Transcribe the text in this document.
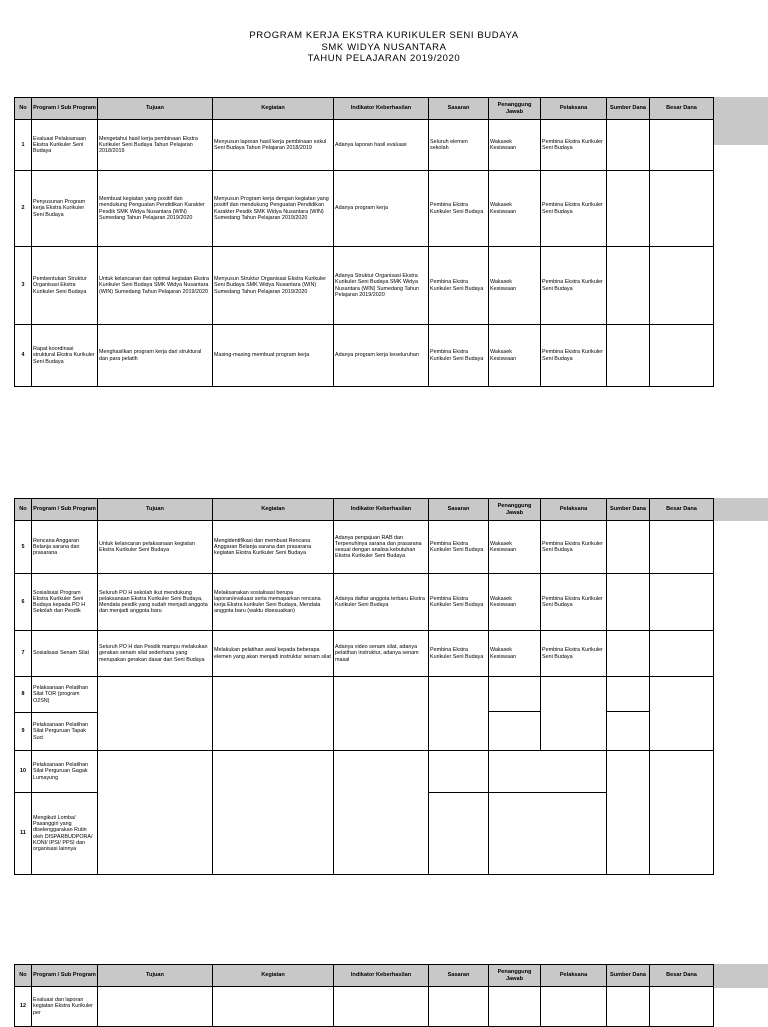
PROGRAM KERJA EKSTRA KURIKULER SENI BUDAYA
SMK WIDYA NUSANTARA
TAHUN PELAJARAN 2019/2020
No	Program / Sub Program	Tujuan	Kegiatan	Indikator Keberhasilan	Sasaran	Penanggung Jawab	Pelaksana	Sumber Dana	Besar Dana
1	Evaluasi Pelaksanaan Ekstra Kurikuler Seni Budaya	Mengetahui hasil kerja pembinaan Ekstra Kurikuler Seni Budaya Tahun Pelajaran 2018/2019	Menyusun laporan hasil kerja pembinaan eskul Seni Budaya Tahun Pelajaran 2018/2019	Adanya laporan hasil evaluasi	Seluruh elemen sekolah	Wakasek Kesiswaan	Pembina Ekstra Kurikuler Seni Budaya		
2	Penyusunan Program kerja Ekstra Kurikuler Seni Budaya	Membuat kegiatan yang positif dan mendukung Penguatan Pendidikan Karakter Pesdik SMK Widya Nusantara (WIN) Sumedang Tahun Pelajaran 2019/2020	Menyusun Program kerja dengan kegiatan yang positif dan mendukung Penguatan Pendidikan Karakter Pesdik SMK Widya Nusantara (WIN) Sumedang Tahun Pelajaran 2019/2020	Adanya program kerja	Pembina Ekstra Kurikuler Seni Budaya	Wakasek Kesiswaan	Pembina Ekstra Kurikuler Seni Budaya		
3	Pembentukan Struktur Organisasi Ekstra Kurikuler Seni Budaya	Untuk kelancaran dan optimal kegiatan Ekstra Kurikuler Seni Budaya SMK Widya Nusantara (WIN) Sumedang Tahun Pelajaran 2019/2020	Menyusun Struktur Organisasi Ekstra Kurikuler Seni Budaya SMK Widya Nusantara (WIN) Sumedang Tahun Pelajaran 2019/2020	Adanya Struktur Organisasi Ekstra Kurikuler Seni Budaya SMK Widya Nusantara (WIN) Sumedang Tahun Pelajaran 2019/2020	Pembina Ekstra Kurikuler Seni Budaya	Wakasek Kesiswaan	Pembina Ekstra Kurikuler Seni Budaya		
4	Rapat koordinasi struktural Ekstra Kurikuler Seni Budaya	Menghasilkan program kerja dari struktural dan para pelatih	Masing-masing membuat program kerja	Adanya program kerja keseluruhan	Pembina Ekstra Kurikuler Seni Budaya	Wakasek Kesiswaan	Pembina Ekstra Kurikuler Seni Budaya		
No	Program / Sub Program	Tujuan	Kegiatan	Indikator Keberhasilan	Sasaran	Penanggung Jawab	Pelaksana	Sumber Dana	Besar Dana
5	Rencana Anggaran Belanja sarana dan prasarana	Untuk kelancaran pelaksanaan kegiatan Ekstra Kurikuler Seni Budaya	Mengidentifikasi dan membuat Rencana Anggaran Belanja sarana dan prasarana kegiatan Ekstra Kurikuler Seni Budaya	Adanya pengajuan RAB dan Terpenuhinya sarana dan prasarana sesuai dengan analisa kebutuhan Ekstra Kurikuler Seni Budaya	Pembina Ekstra Kurikuler Seni Budaya	Wakasek Kesiswaan	Pembina Ekstra Kurikuler Seni Budaya		
6	Sosialisasi Program Ekstra Kurikuler Seni Budaya kepada PO H Sekolah dan Pesdik	Seluruh PO H sekolah ikut mendukung pelaksanaan Ekstra Kurikuler Seni Budaya, Mendata pesdik yang sudah menjadi anggota dan menjadi anggota baru	Melaksanakan sosialisasi berupa laporan/evaluasi serta memaparkan rencana kerja Ekstra kurikuler Seni Budaya, Mendata anggota baru (waktu disesuaikan)	Adanya daftar anggota terbaru Ekstra Kurikuler Seni Budaya	Pembina Ekstra Kurikuler Seni Budaya	Wakasek Kesiswaan	Pembina Ekstra Kurikuler Seni Budaya		
7	Sosialisasi Senam Silat	Seluruh PO H dan Pesdik mampu melakukan gerakan senam silat sederhana yang merupakan gerakan dasar dari Seni Budaya	Melakukan pelatihan awal kepada beberapa elemen yang akan menjadi instruktur senam silat	Adanya video senam silat, adanya pelatihan instruktur, adanya senam masal	Pembina Ekstra Kurikuler Seni Budaya	Wakasek Kesiswaan	Pembina Ekstra Kurikuler Seni Budaya		
8	Pelaksanaan Pelatihan Silat TOR (program O2SN)					

9	Pelaksanaan Pelatihan Silat Perguruan Tapak Suci								
10	Pelaksanaan Pelatihan Silat Perguruan Gagak Lumayung					

11	Mengikuti Lomba/ Pasanggiri yang diselenggarakan Rutin oleh DISPARBUDPORA/ KONI/ IPSI/ PPSI dan organisasi lainnya								
No	Program / Sub Program	Tujuan	Kegiatan	Indikator Keberhasilan	Sasaran	Penanggung Jawab	Pelaksana	Sumber Dana	Besar Dana
12	Evaluasi dan laporan kegiatan Ekstra Kurikuler per								
